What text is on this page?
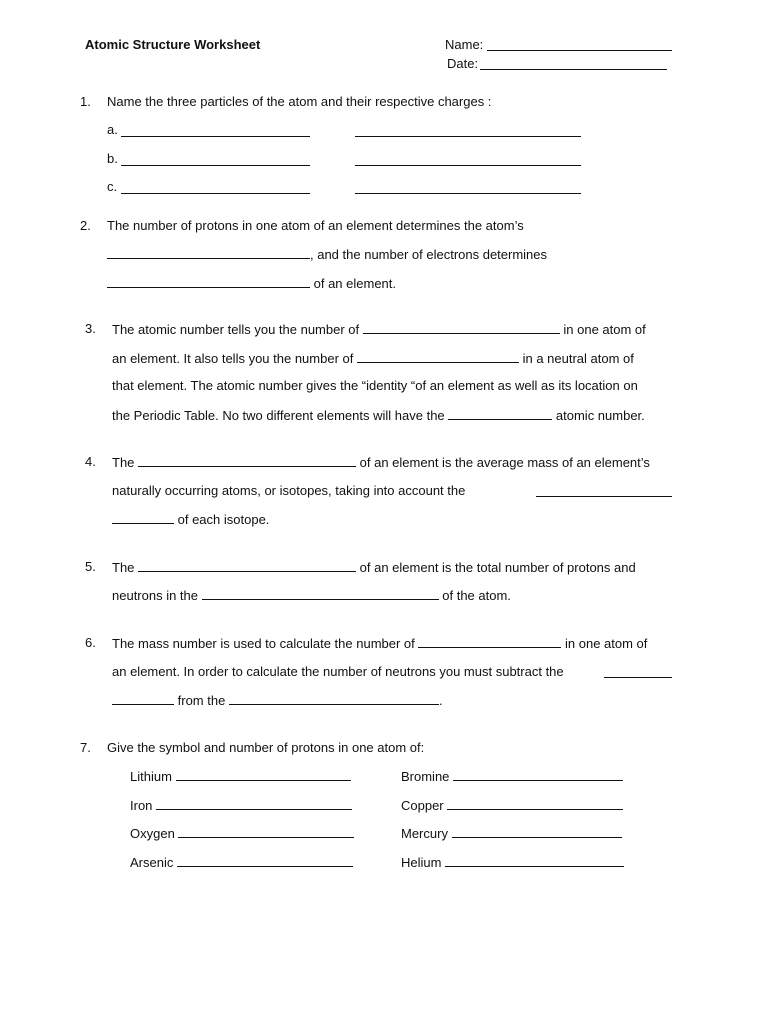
Atomic Structure Worksheet	Name:
Date:
1. Name the three particles of the atom and their respective charges :
a.
b.
c.
2. The number of protons in one atom of an element determines the atom’s
, and the number of electrons determines
of an element.
3. The atomic number tells you the number of	in one atom of
an element. It also tells you the number of	in a neutral atom of
that element. The atomic number gives the “identity “of an element as well as its location on
the Periodic Table. No two different elements will have the	atomic number.
4. The	of an element is the average mass of an element’s
naturally occurring atoms, or isotopes, taking into account the
of each isotope.
5. The	of an element is the total number of protons and
neutrons in the	of the atom.
6. The mass number is used to calculate the number of	in one atom of
an element. In order to calculate the number of neutrons you must subtract the
from the	.
7. Give the symbol and number of protons in one atom of:
Lithium	Bromine
Iron	Copper
Oxygen	Mercury
Arsenic	Helium
